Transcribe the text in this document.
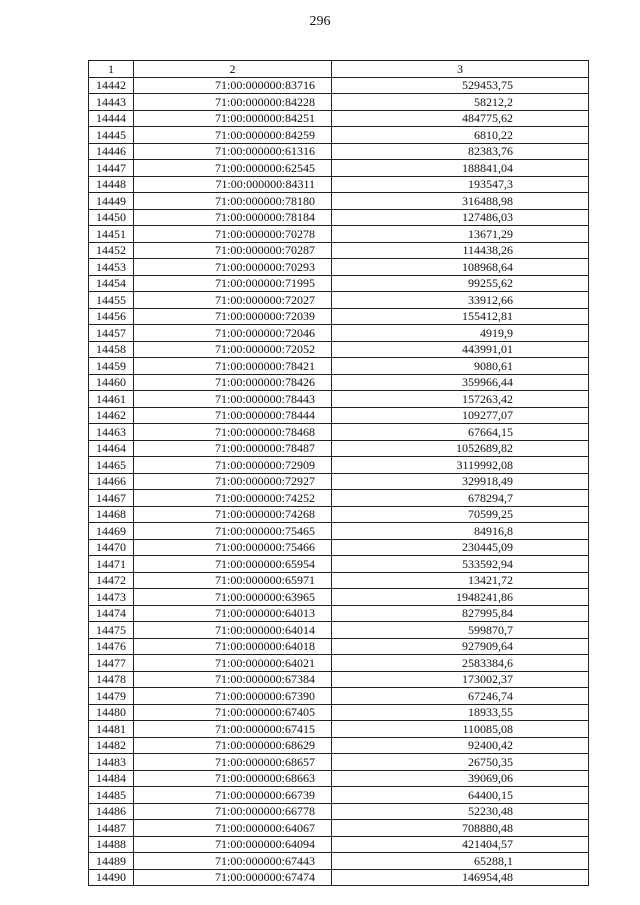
296
1	2	3
14442	71:00:000000:83716	529453,75
14443	71:00:000000:84228	58212,2
14444	71:00:000000:84251	484775,62
14445	71:00:000000:84259	6810,22
14446	71:00:000000:61316	82383,76
14447	71:00:000000:62545	188841,04
14448	71:00:000000:84311	193547,3
14449	71:00:000000:78180	316488,98
14450	71:00:000000:78184	127486,03
14451	71:00:000000:70278	13671,29
14452	71:00:000000:70287	114438,26
14453	71:00:000000:70293	108968,64
14454	71:00:000000:71995	99255,62
14455	71:00:000000:72027	33912,66
14456	71:00:000000:72039	155412,81
14457	71:00:000000:72046	4919,9
14458	71:00:000000:72052	443991,01
14459	71:00:000000:78421	9080,61
14460	71:00:000000:78426	359966,44
14461	71:00:000000:78443	157263,42
14462	71:00:000000:78444	109277,07
14463	71:00:000000:78468	67664,15
14464	71:00:000000:78487	1052689,82
14465	71:00:000000:72909	3119992,08
14466	71:00:000000:72927	329918,49
14467	71:00:000000:74252	678294,7
14468	71:00:000000:74268	70599,25
14469	71:00:000000:75465	84916,8
14470	71:00:000000:75466	230445,09
14471	71:00:000000:65954	533592,94
14472	71:00:000000:65971	13421,72
14473	71:00:000000:63965	1948241,86
14474	71:00:000000:64013	827995,84
14475	71:00:000000:64014	599870,7
14476	71:00:000000:64018	927909,64
14477	71:00:000000:64021	2583384,6
14478	71:00:000000:67384	173002,37
14479	71:00:000000:67390	67246,74
14480	71:00:000000:67405	18933,55
14481	71:00:000000:67415	110085,08
14482	71:00:000000:68629	92400,42
14483	71:00:000000:68657	26750,35
14484	71:00:000000:68663	39069,06
14485	71:00:000000:66739	64400,15
14486	71:00:000000:66778	52230,48
14487	71:00:000000:64067	708880,48
14488	71:00:000000:64094	421404,57
14489	71:00:000000:67443	65288,1
14490	71:00:000000:67474	146954,48
